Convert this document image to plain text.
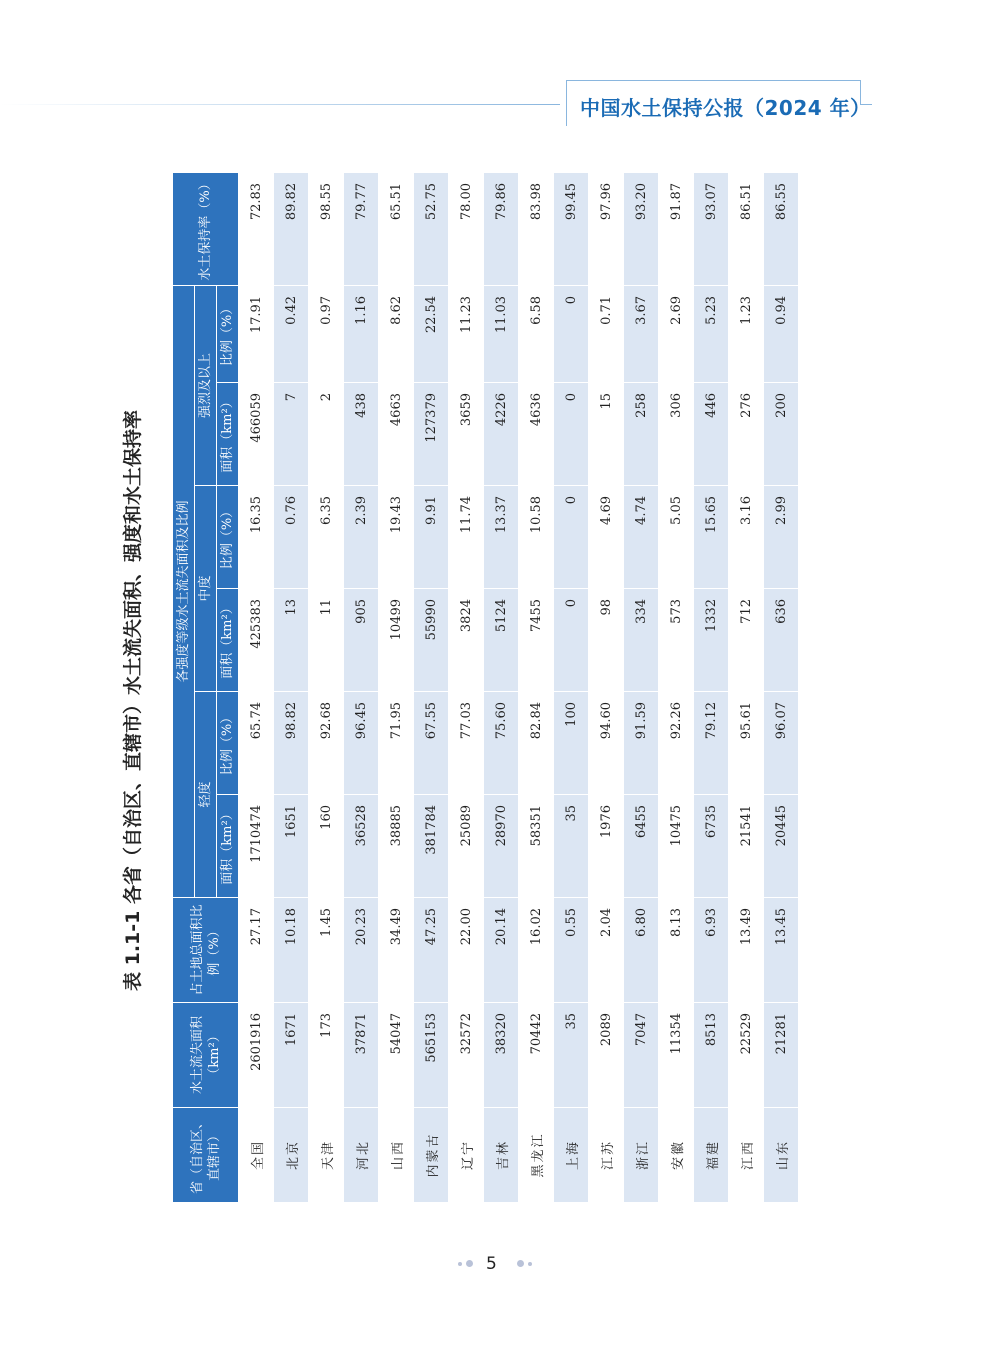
中国水土保持公报（2024 年）
表 1.1-1 各省（自治区、直辖市）水土流失面积、强度和水土保持率
省（自治区、直辖市）	水土流失面积（km²）	占土地总面积比例（%）	各强度等级水土流失面积及比例						水土保持率（%）
			轻度		中度		强烈及以上		
			面积（km²）	比例（%）	面积（km²）	比例（%）	面积（km²）	比例（%）	
全国	2601916	27.17	1710474	65.74	425383	16.35	466059	17.91	72.83
北京	1671	10.18	1651	98.82	13	0.76	7	0.42	89.82
天津	173	1.45	160	92.68	11	6.35	2	0.97	98.55
河北	37871	20.23	36528	96.45	905	2.39	438	1.16	79.77
山西	54047	34.49	38885	71.95	10499	19.43	4663	8.62	65.51
内蒙古	565153	47.25	381784	67.55	55990	9.91	127379	22.54	52.75
辽宁	32572	22.00	25089	77.03	3824	11.74	3659	11.23	78.00
吉林	38320	20.14	28970	75.60	5124	13.37	4226	11.03	79.86
黑龙江	70442	16.02	58351	82.84	7455	10.58	4636	6.58	83.98
上海	35	0.55	35	100	0	0	0	0	99.45
江苏	2089	2.04	1976	94.60	98	4.69	15	0.71	97.96
浙江	7047	6.80	6455	91.59	334	4.74	258	3.67	93.20
安徽	11354	8.13	10475	92.26	573	5.05	306	2.69	91.87
福建	8513	6.93	6735	79.12	1332	15.65	446	5.23	93.07
江西	22529	13.49	21541	95.61	712	3.16	276	1.23	86.51
山东	21281	13.45	20445	96.07	636	2.99	200	0.94	86.55
5
